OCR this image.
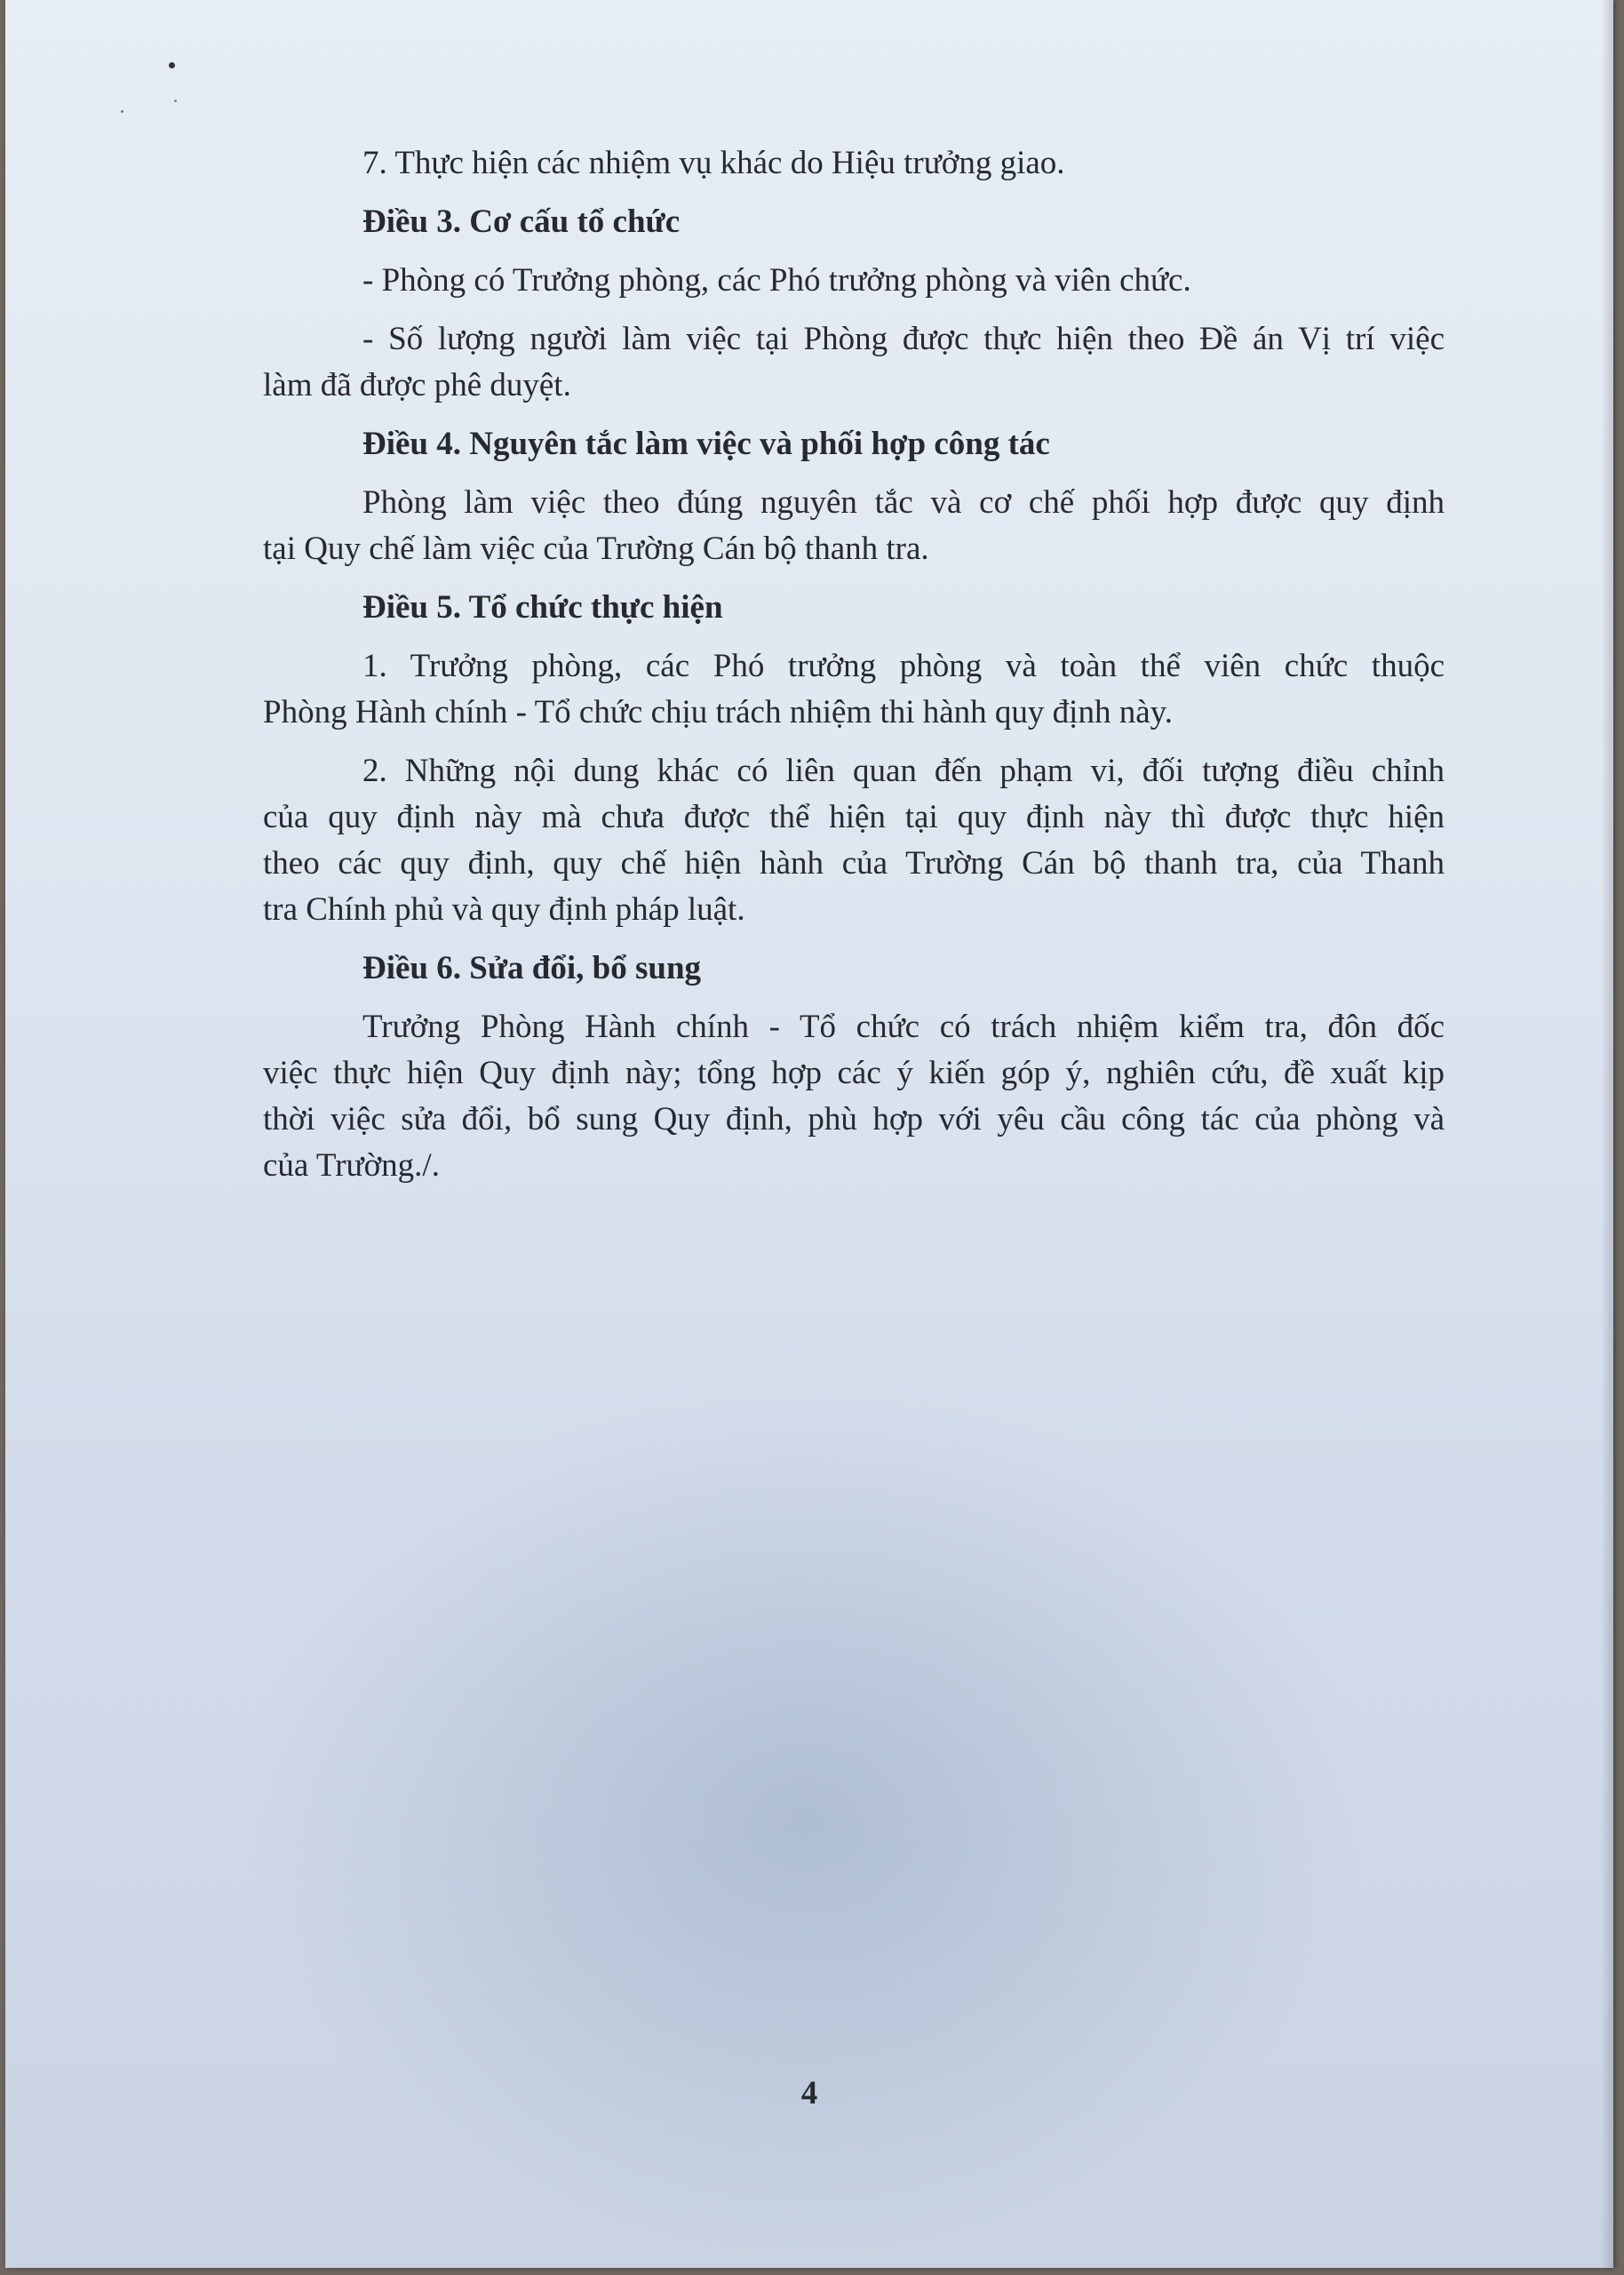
7. Thực hiện các nhiệm vụ khác do Hiệu trưởng giao.

Điều 3. Cơ cấu tổ chức

- Phòng có Trưởng phòng, các Phó trưởng phòng và viên chức.

- Số lượng người làm việc tại Phòng được thực hiện theo Đề án Vị trí việc

làm đã được phê duyệt.

Điều 4. Nguyên tắc làm việc và phối hợp công tác

Phòng làm việc theo đúng nguyên tắc và cơ chế phối hợp được quy định

tại Quy chế làm việc của Trường Cán bộ thanh tra.

Điều 5. Tổ chức thực hiện

1. Trưởng phòng, các Phó trưởng phòng và toàn thể viên chức thuộc

Phòng Hành chính - Tổ chức chịu trách nhiệm thi hành quy định này.

2. Những nội dung khác có liên quan đến phạm vi, đối tượng điều chỉnh

của quy định này mà chưa được thể hiện tại quy định này thì được thực hiện

theo các quy định, quy chế hiện hành của Trường Cán bộ thanh tra, của Thanh

tra Chính phủ và quy định pháp luật.

Điều 6. Sửa đổi, bổ sung

Trưởng Phòng Hành chính - Tổ chức có trách nhiệm kiểm tra, đôn đốc

việc thực hiện Quy định này; tổng hợp các ý kiến góp ý, nghiên cứu, đề xuất kịp

thời việc sửa đổi, bổ sung Quy định, phù hợp với yêu cầu công tác của phòng và

của Trường./.

4
